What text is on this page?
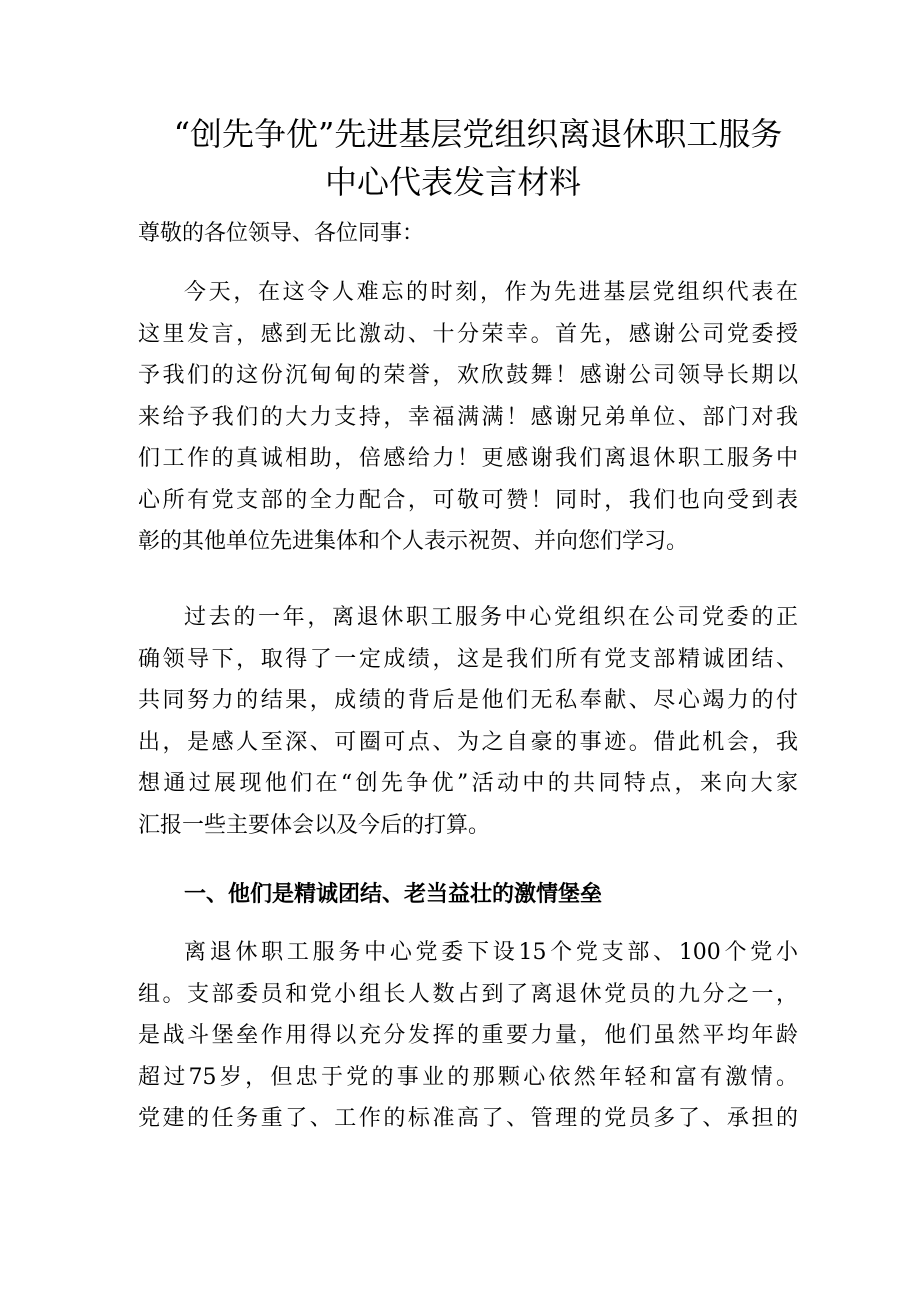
“创先争优”先进基层党组织离退休职工服务
中心代表发言材料
尊敬的各位领导、各位同事：
今天，在这令人难忘的时刻，作为先进基层党组织代表在
这里发言，感到无比激动、十分荣幸。首先，感谢公司党委授
予我们的这份沉甸甸的荣誉，欢欣鼓舞！感谢公司领导长期以
来给予我们的大力支持，幸福满满！感谢兄弟单位、部门对我
们工作的真诚相助，倍感给力！更感谢我们离退休职工服务中
心所有党支部的全力配合，可敬可赞！同时，我们也向受到表
彰的其他单位先进集体和个人表示祝贺、并向您们学习。
过去的一年，离退休职工服务中心党组织在公司党委的正
确领导下，取得了一定成绩，这是我们所有党支部精诚团结、
共同努力的结果，成绩的背后是他们无私奉献、尽心竭力的付
出，是感人至深、可圈可点、为之自豪的事迹。借此机会，我
想通过展现他们在“创先争优”活动中的共同特点，来向大家
汇报一些主要体会以及今后的打算。
一、他们是精诚团结、老当益壮的激情堡垒
离退休职工服务中心党委下设15个党支部、100个党小
组。支部委员和党小组长人数占到了离退休党员的九分之一，
是战斗堡垒作用得以充分发挥的重要力量，他们虽然平均年龄
超过75岁，但忠于党的事业的那颗心依然年轻和富有激情。
党建的任务重了、工作的标准高了、管理的党员多了、承担的
